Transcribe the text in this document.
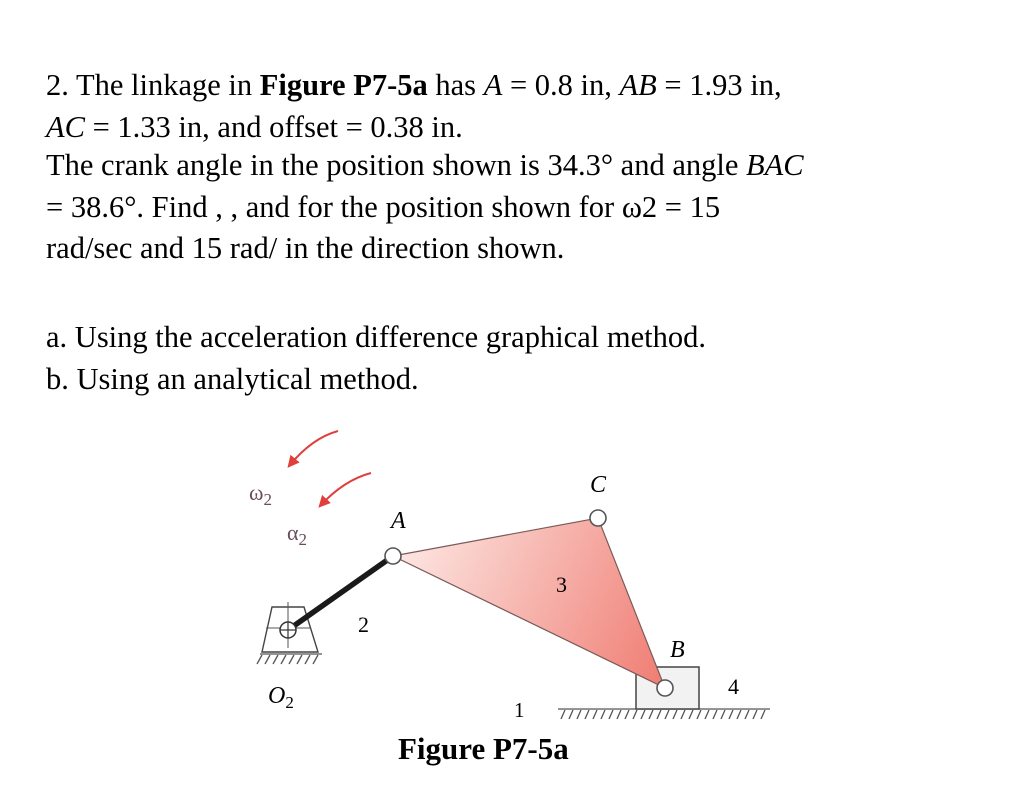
2. The linkage in Figure P7-5a has A = 0.8 in, AB = 1.93 in,
AC = 1.33 in, and offset = 0.38 in.
The crank angle in the position shown is 34.3° and angle BAC
= 38.6°. Find , , and for the position shown for ω2 = 15
rad/sec and 15 rad/ in the direction shown.
a. Using the acceleration difference graphical method.
b. Using an analytical method.
$\omega_2$
$\alpha_2$
A
C
B
3
2
4
1
$O_2$
Figure P7-5a
